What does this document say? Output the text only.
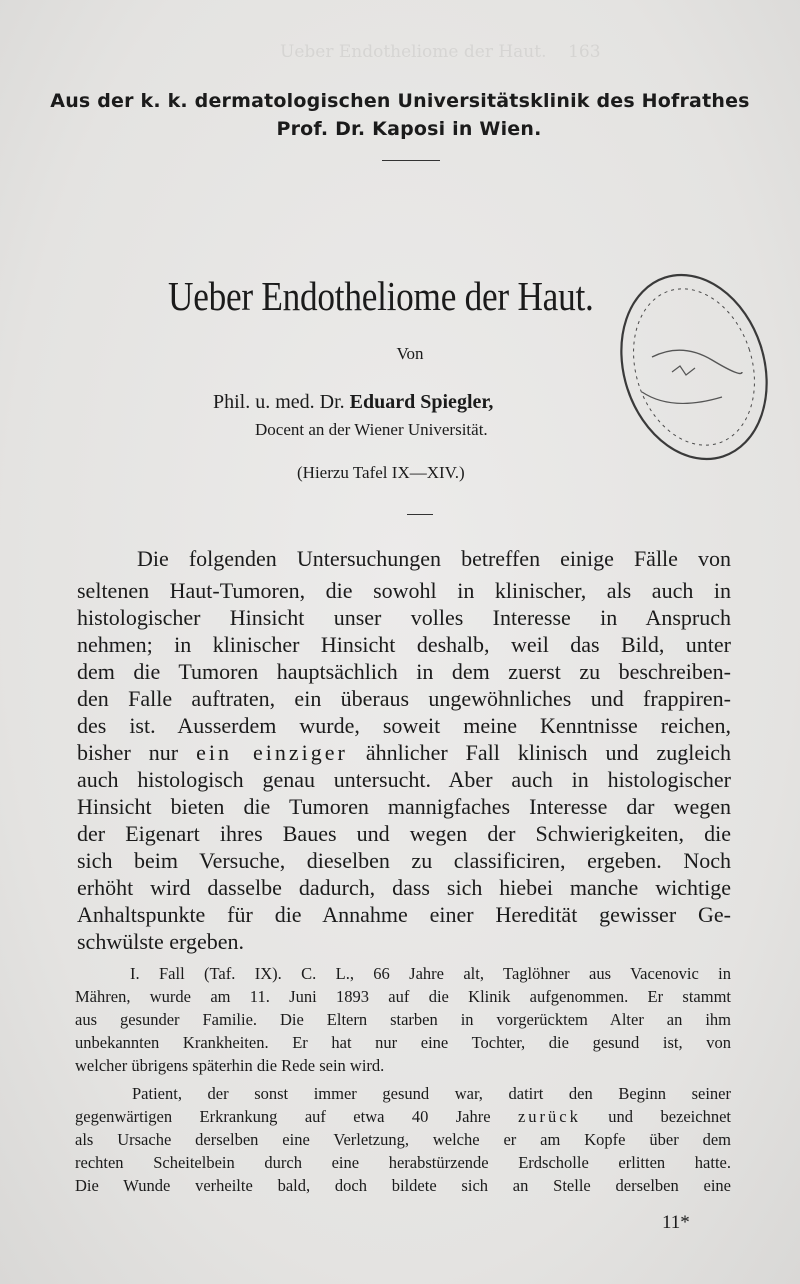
Ueber Endotheliome der Haut.    163
Aus der k. k. dermatologischen Universitätsklinik des Hofrathes
Prof. Dr. Kaposi in Wien.
Ueber Endotheliome der Haut.
Von
Phil. u. med. Dr. Eduard Spiegler,
Docent an der Wiener Universität.
(Hierzu Tafel IX—XIV.)
Die folgenden Untersuchungen betreffen einige Fälle von
seltenen Haut-Tumoren, die sowohl in klinischer, als auch in
histologischer Hinsicht unser volles Interesse in Anspruch
nehmen; in klinischer Hinsicht deshalb, weil das Bild, unter
dem die Tumoren hauptsächlich in dem zuerst zu beschreiben-
den Falle auftraten, ein überaus ungewöhnliches und frappiren-
des ist. Ausserdem wurde, soweit meine Kenntnisse reichen,
bisher nur ein einziger ähnlicher Fall klinisch und zugleich
auch histologisch genau untersucht. Aber auch in histologischer
Hinsicht bieten die Tumoren mannigfaches Interesse dar wegen
der Eigenart ihres Baues und wegen der Schwierigkeiten, die
sich beim Versuche, dieselben zu classificiren, ergeben. Noch
erhöht wird dasselbe dadurch, dass sich hiebei manche wichtige
Anhaltspunkte für die Annahme einer Heredität gewisser Ge-
schwülste ergeben.
I. Fall (Taf. IX). C. L., 66 Jahre alt, Taglöhner aus Vacenovic in
Mähren, wurde am 11. Juni 1893 auf die Klinik aufgenommen. Er stammt
aus gesunder Familie. Die Eltern starben in vorgerücktem Alter an ihm
unbekannten Krankheiten. Er hat nur eine Tochter, die gesund ist, von
welcher übrigens späterhin die Rede sein wird.
Patient, der sonst immer gesund war, datirt den Beginn seiner
gegenwärtigen Erkrankung auf etwa 40 Jahre zurück und bezeichnet
als Ursache derselben eine Verletzung, welche er am Kopfe über dem
rechten Scheitelbein durch eine herabstürzende Erdscholle erlitten hatte.
Die Wunde verheilte bald, doch bildete sich an Stelle derselben eine
11*
